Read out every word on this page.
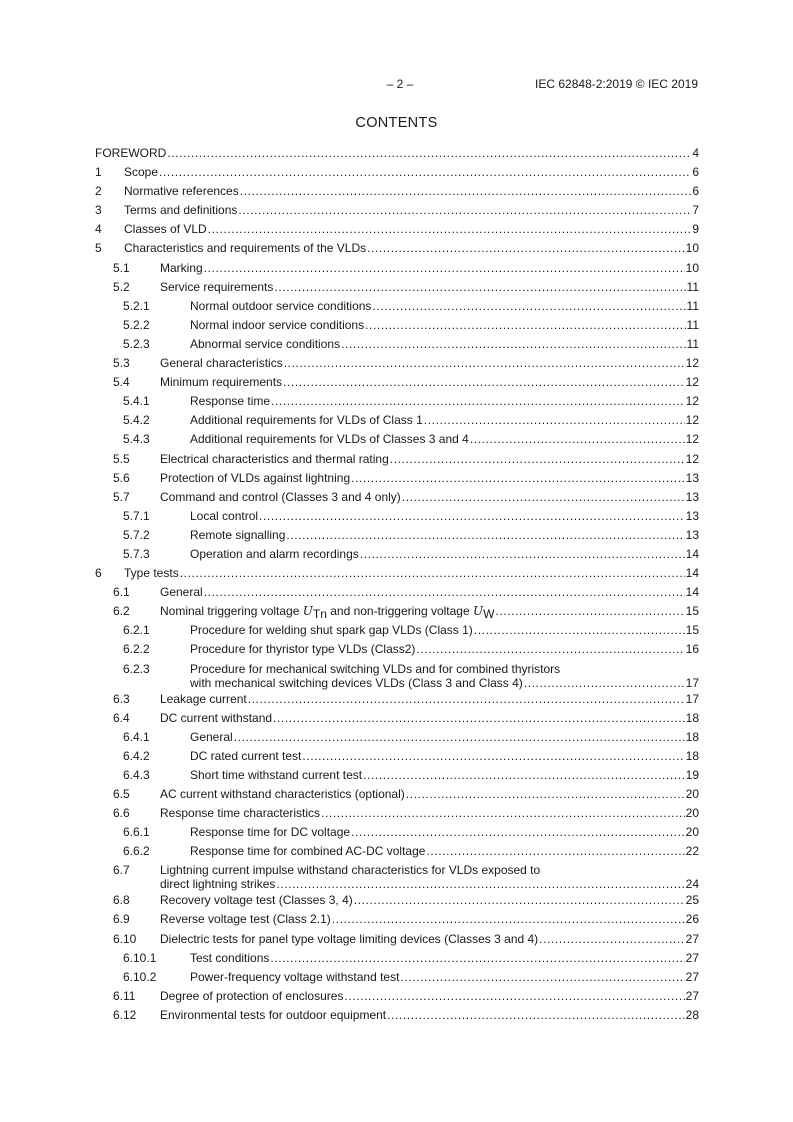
– 2 –	IEC 62848-2:2019 © IEC 2019
CONTENTS
FOREWORD .....	4
1 Scope .....	6
2 Normative references .....	6
3 Terms and definitions .....	7
4 Classes of VLD .....	9
5 Characteristics and requirements of the VLDs .....	10
5.1	Marking .....	10
5.2	Service requirements .....	11
5.2.1	Normal outdoor service conditions .....	11
5.2.2	Normal indoor service conditions .....	11
5.2.3	Abnormal service conditions .....	11
5.3	General characteristics .....	12
5.4	Minimum requirements .....	12
5.4.1	Response time .....	12
5.4.2	Additional requirements for VLDs of Class 1 .....	12
5.4.3	Additional requirements for VLDs of Classes 3 and 4 .....	12
5.5	Electrical characteristics and thermal rating .....	12
5.6	Protection of VLDs against lightning .....	13
5.7	Command and control (Classes 3 and 4 only) .....	13
5.7.1	Local control .....	13
5.7.2	Remote signalling .....	13
5.7.3	Operation and alarm recordings .....	14
6 Type tests .....	14
6.1	General .....	14
6.2	Nominal triggering voltage UTn and non-triggering voltage UW .....	15
6.2.1	Procedure for welding shut spark gap VLDs (Class 1) .....	15
6.2.2	Procedure for thyristor type VLDs (Class2) .....	16
6.2.3	Procedure for mechanical switching VLDs and for combined thyristors
with mechanical switching devices VLDs (Class 3 and Class 4) .....	17
6.3	Leakage current .....	17
6.4	DC current withstand .....	18
6.4.1	General .....	18
6.4.2	DC rated current test .....	18
6.4.3	Short time withstand current test .....	19
6.5	AC current withstand characteristics (optional) .....	20
6.6	Response time characteristics .....	20
6.6.1	Response time for DC voltage .....	20
6.6.2	Response time for combined AC-DC voltage .....	22
6.7	Lightning current impulse withstand characteristics for VLDs exposed to
direct lightning strikes .....	24
6.8	Recovery voltage test (Classes 3, 4) .....	25
6.9	Reverse voltage test (Class 2.1) .....	26
6.10 Dielectric tests for panel type voltage limiting devices (Classes 3 and 4) .....	27
6.10.1	Test conditions .....	27
6.10.2	Power-frequency voltage withstand test .....	27
6.11 Degree of protection of enclosures .....	27
6.12 Environmental tests for outdoor equipment .....	28
